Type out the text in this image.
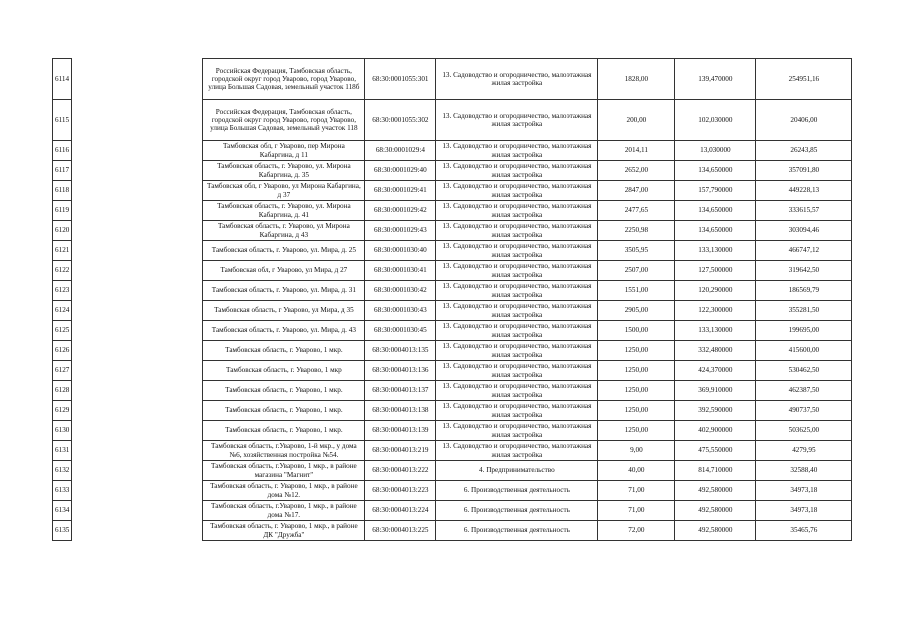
6114		Российская Федерация, Тамбовская область, городской округ город Уварово, город Уварово, улица Большая Садовая, земельный участок 118б	68:30:0001055:301	13. Садоводство и огородничество, малоэтажная жилая застройка	1828,00	139,470000	254951,16
6115		Российская Федерация, Тамбовская область, городской округ город Уварово, город Уварово, улица Большая Садовая, земельный участок 118	68:30:0001055:302	13. Садоводство и огородничество, малоэтажная жилая застройка	200,00	102,030000	20406,00
6116		Тамбовская обл, г Уварово, пер Мирона Кабаргина, д 11	68:30:0001029:4	13. Садоводство и огородничество, малоэтажная жилая застройка	2014,11	13,030000	26243,85
6117		Тамбовская область, г. Уварово, ул. Мирона Кабаргина, д. 35	68:30:0001029:40	13. Садоводство и огородничество, малоэтажная жилая застройка	2652,00	134,650000	357091,80
6118		Тамбовская обл, г Уварово, ул Мирона Кабаргина, д 37	68:30:0001029:41	13. Садоводство и огородничество, малоэтажная жилая застройка	2847,00	157,790000	449228,13
6119		Тамбовская область, г. Уварово, ул. Мирона Кабаргина, д. 41	68:30:0001029:42	13. Садоводство и огородничество, малоэтажная жилая застройка	2477,65	134,650000	333615,57
6120		Тамбовская область, г. Уварово, ул Мирона Кабаргина, д 43	68:30:0001029:43	13. Садоводство и огородничество, малоэтажная жилая застройка	2250,98	134,650000	303094,46
6121		Тамбовская область, г. Уварово, ул. Мира, д. 25	68:30:0001030:40	13. Садоводство и огородничество, малоэтажная жилая застройка	3505,95	133,130000	466747,12
6122		Тамбовская обл, г Уварово, ул Мира, д 27	68:30:0001030:41	13. Садоводство и огородничество, малоэтажная жилая застройка	2507,00	127,500000	319642,50
6123		Тамбовская область, г. Уварово, ул. Мира, д. 31	68:30:0001030:42	13. Садоводство и огородничество, малоэтажная жилая застройка	1551,00	120,290000	186569,79
6124		Тамбовская область, г Уварово, ул Мира, д 35	68:30:0001030:43	13. Садоводство и огородничество, малоэтажная жилая застройка	2905,00	122,300000	355281,50
6125		Тамбовская область, г. Уварово, ул. Мира, д. 43	68:30:0001030:45	13. Садоводство и огородничество, малоэтажная жилая застройка	1500,00	133,130000	199695,00
6126		Тамбовская область, г. Уварово, 1 мкр.	68:30:0004013:135	13. Садоводство и огородничество, малоэтажная жилая застройка	1250,00	332,480000	415600,00
6127		Тамбовская область, г. Уварово, 1 мкр	68:30:0004013:136	13. Садоводство и огородничество, малоэтажная жилая застройка	1250,00	424,370000	530462,50
6128		Тамбовская область, г. Уварово, 1 мкр.	68:30:0004013:137	13. Садоводство и огородничество, малоэтажная жилая застройка	1250,00	369,910000	462387,50
6129		Тамбовская область, г. Уварово, 1 мкр.	68:30:0004013:138	13. Садоводство и огородничество, малоэтажная жилая застройка	1250,00	392,590000	490737,50
6130		Тамбовская область, г. Уварово, 1 мкр.	68:30:0004013:139	13. Садоводство и огородничество, малоэтажная жилая застройка	1250,00	402,900000	503625,00
6131		Тамбовская область, г.Уварово, 1-й мкр., у дома №6, хозяйственная постройка №54.	68:30:0004013:219	13. Садоводство и огородничество, малоэтажная жилая застройка	9,00	475,550000	4279,95
6132		Тамбовская область, г.Уварово, 1 мкр., в районе магазина "Магнит"	68:30:0004013:222	4. Предпринимательство	40,00	814,710000	32588,40
6133		Тамбовская область, г. Уварово, 1 мкр., в районе дома №12.	68:30:0004013:223	6. Производственная деятельность	71,00	492,580000	34973,18
6134		Тамбовская область, г.Уварово, 1 мкр., в районе дома №17.	68:30:0004013:224	6. Производственная деятельность	71,00	492,580000	34973,18
6135		Тамбовская область, г. Уварово, 1 мкр., в районе ДК "Дружба"	68:30:0004013:225	6. Производственная деятельность	72,00	492,580000	35465,76
